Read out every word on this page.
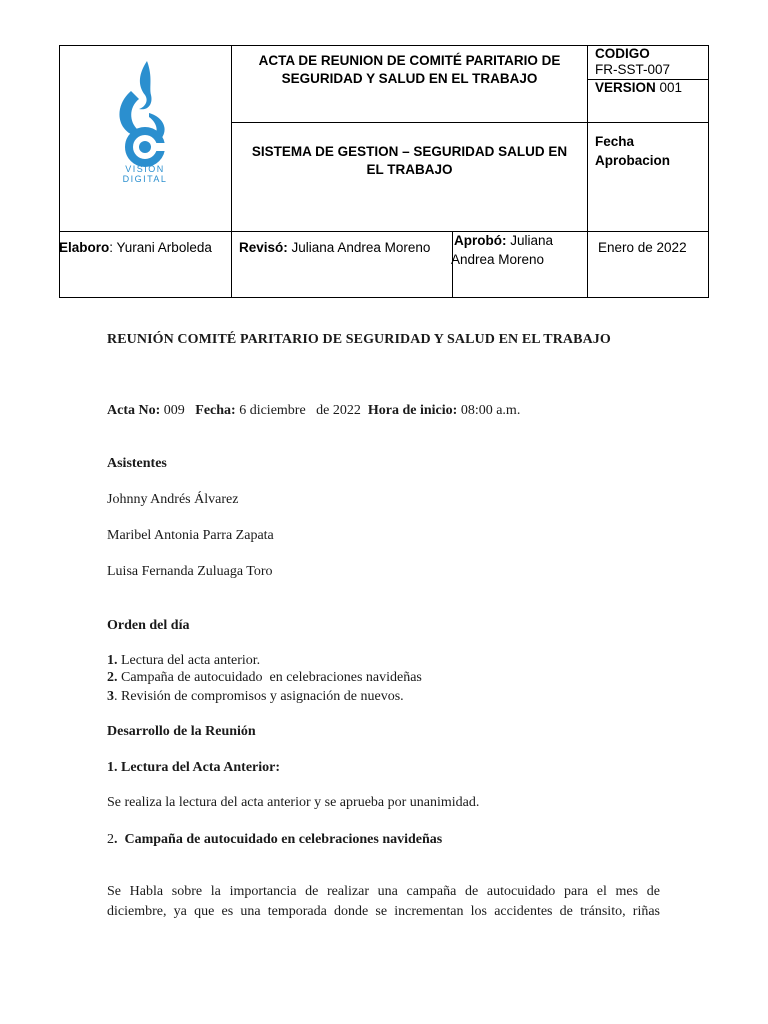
VISIÓN
DIGITAL
ACTA DE REUNION DE COMITÉ PARITARIO DE
SEGURIDAD Y SALUD EN EL TRABAJO
CODIGO
FR-SST-007
VERSION 001
SISTEMA DE GESTION – SEGURIDAD SALUD EN
EL TRABAJO
Fecha
Aprobacion
Elaboro: Yurani Arboleda Revisó: Juliana Andrea Moreno Aprobó: Juliana
Andrea Moreno
Enero de 2022
REUNIÓN COMITÉ PARITARIO DE SEGURIDAD Y SALUD EN EL TRABAJO
Acta No: 009 Fecha: 6 diciembre   de 2022 Hora de inicio: 08:00 a.m.
Asistentes
Johnny Andrés Álvarez
Maribel Antonia Parra Zapata
Luisa Fernanda Zuluaga Toro
Orden del día
1. Lectura del acta anterior.
2. Campaña de autocuidado  en celebraciones navideñas
3. Revisión de compromisos y asignación de nuevos.
Desarrollo de la Reunión
1. Lectura del Acta Anterior:
Se realiza la lectura del acta anterior y se aprueba por unanimidad.
2.  Campaña de autocuidado en celebraciones navideñas
Se Habla sobre la importancia de realizar una campaña de autocuidado para el mes de
diciembre, ya que es una temporada donde se incrementan los accidentes de tránsito, riñas
